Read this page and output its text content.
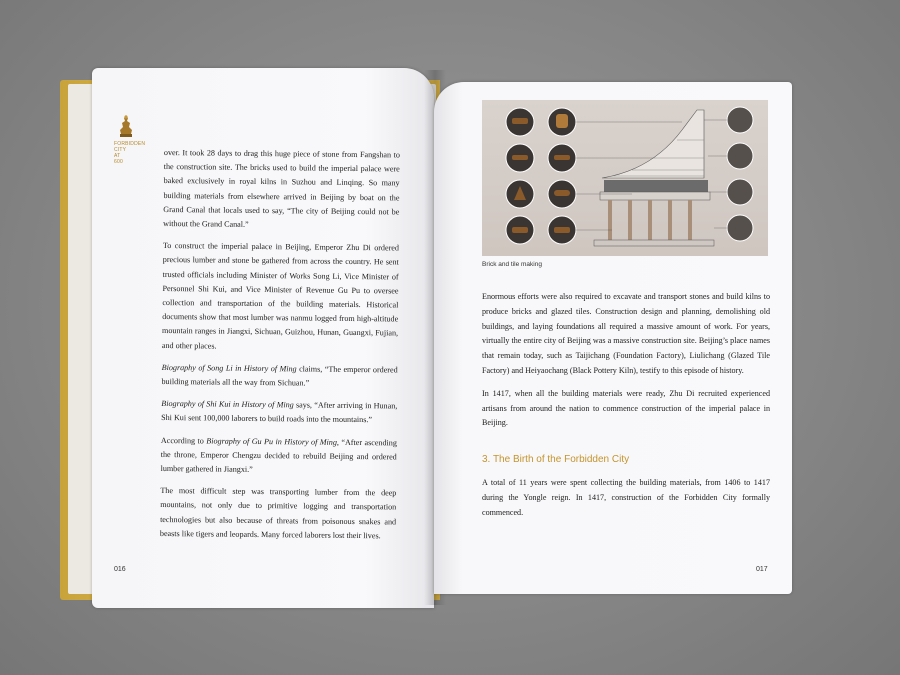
FORBIDDEN
CITY
AT
600

over. It took 28 days to drag this huge piece of stone from Fangshan to the construction site. The bricks used to build the imperial palace were baked exclusively in royal kilns in Suzhou and Linqing. So many building materials from elsewhere arrived in Beijing by boat on the Grand Canal that locals used to say, “The city of Beijing could not be without the Grand Canal.”

To construct the imperial palace in Beijing, Emperor Zhu Di ordered precious lumber and stone be gathered from across the country. He sent trusted officials including Minister of Works Song Li, Vice Minister of Personnel Shi Kui, and Vice Minister of Revenue Gu Pu to oversee collection and transportation of the building materials. Historical documents show that most lumber was nanmu logged from high-altitude mountain ranges in Jiangxi, Sichuan, Guizhou, Hunan, Guangxi, Fujian, and other places.

Biography of Song Li in History of Ming claims, “The emperor ordered building materials all the way from Sichuan.”

Biography of Shi Kui in History of Ming says, “After arriving in Hunan, Shi Kui sent 100,000 laborers to build roads into the mountains.”

According to Biography of Gu Pu in History of Ming, “After ascending the throne, Emperor Chengzu decided to rebuild Beijing and ordered lumber gathered in Jiangxi.”

The most difficult step was transporting lumber from the deep mountains, not only due to primitive logging and transportation technologies but also because of threats from poisonous snakes and beasts like tigers and leopards. Many forced laborers lost their lives.

016
Brick and tile making

Enormous efforts were also required to excavate and transport stones and build kilns to produce bricks and glazed tiles. Construction design and planning, demolishing old buildings, and laying foundations all required a massive amount of work. For years, virtually the entire city of Beijing was a massive construction site. Beijing’s place names that remain today, such as Taijichang (Foundation Factory), Liulichang (Glazed Tile Factory) and Heiyaochang (Black Pottery Kiln), testify to this episode of history.

In 1417, when all the building materials were ready, Zhu Di recruited experienced artisans from around the nation to commence construction of the imperial palace in Beijing.

3. The Birth of the Forbidden City

A total of 11 years were spent collecting the building materials, from 1406 to 1417 during the Yongle reign. In 1417, construction of the Forbidden City formally commenced.

017
